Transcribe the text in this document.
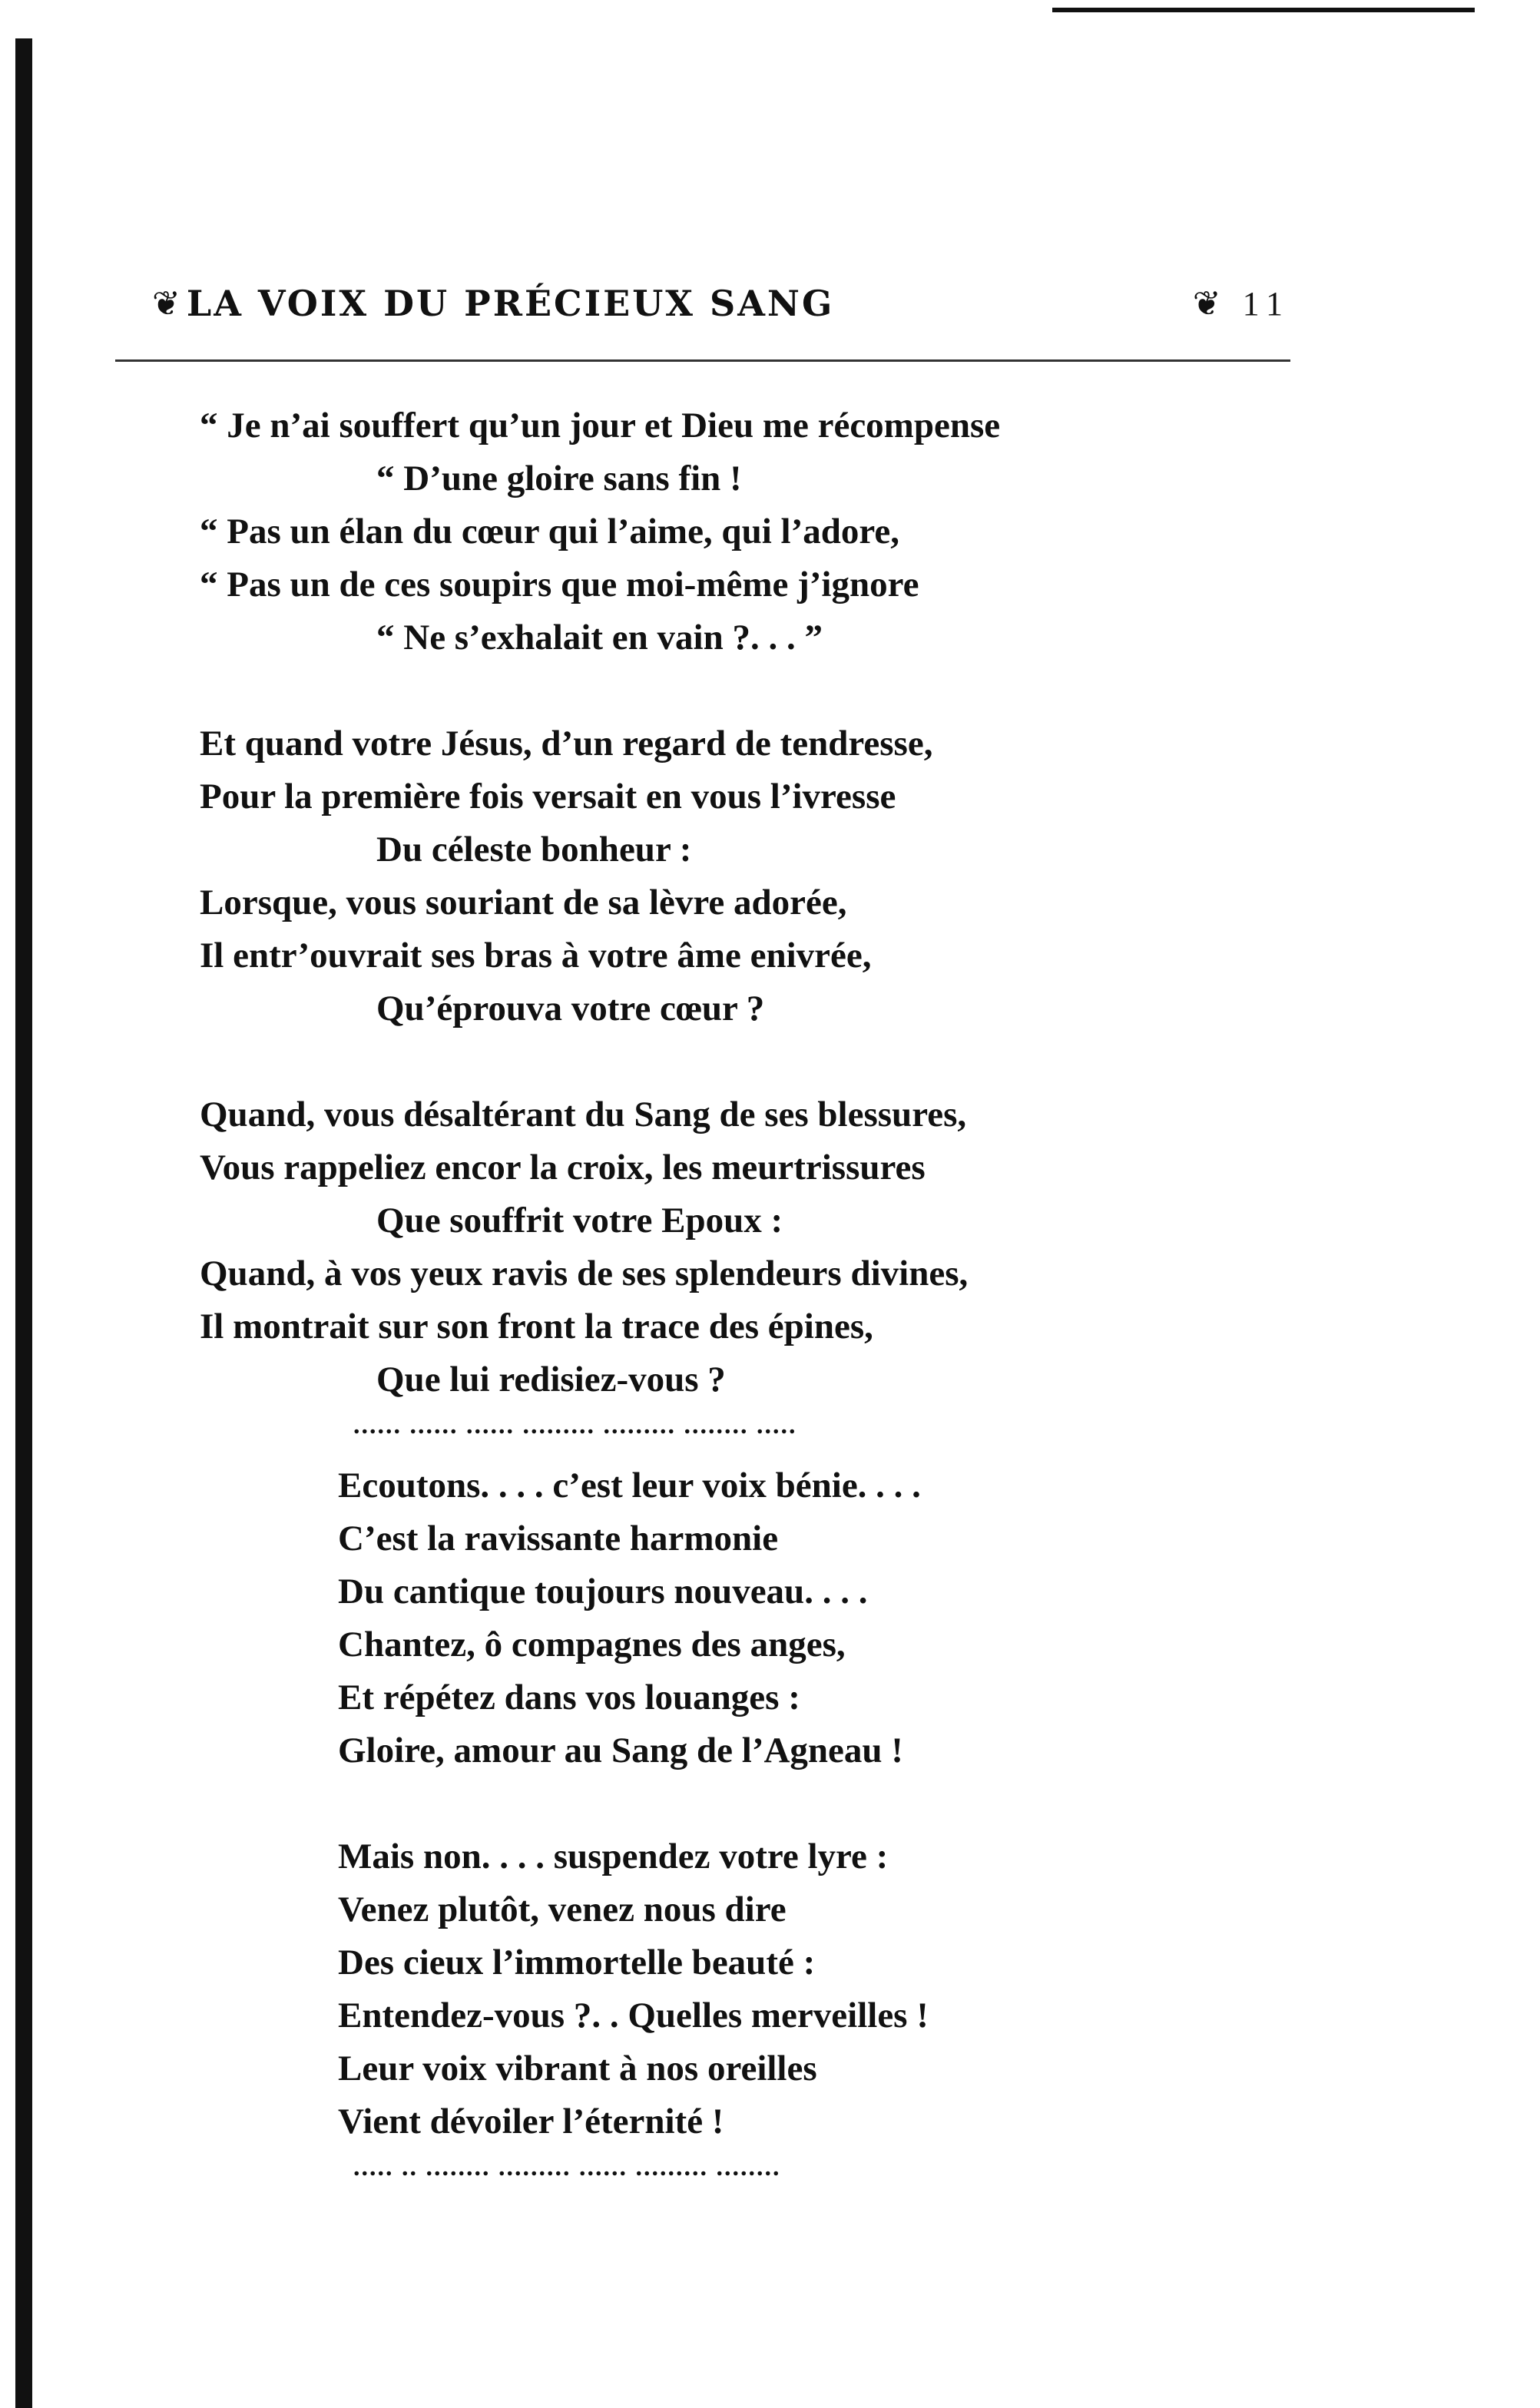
❦ LA VOIX DU PRÉCIEUX SANG	❦ 11
“ Je n’ai souffert qu’un jour et Dieu me récompense
“ D’une gloire sans fin !
“ Pas un élan du cœur qui l’aime, qui l’adore,
“ Pas un de ces soupirs que moi-même j’ignore
“ Ne s’exhalait en vain ?. . . ”
Et quand votre Jésus, d’un regard de tendresse,
Pour la première fois versait en vous l’ivresse
Du céleste bonheur :
Lorsque, vous souriant de sa lèvre adorée,
Il entr’ouvrait ses bras à votre âme enivrée,
Qu’éprouva votre cœur ?
Quand, vous désaltérant du Sang de ses blessures,
Vous rappeliez encor la croix, les meurtrissures
Que souffrit votre Epoux :
Quand, à vos yeux ravis de ses splendeurs divines,
Il montrait sur son front la trace des épines,
Que lui redisiez-vous ?
...... ...... ...... ......... ......... ........ .....
Ecoutons. . . . c’est leur voix bénie. . . .
C’est la ravissante harmonie
Du cantique toujours nouveau. . . .
Chantez, ô compagnes des anges,
Et répétez dans vos louanges :
Gloire, amour au Sang de l’Agneau !
Mais non. . . . suspendez votre lyre :
Venez plutôt, venez nous dire
Des cieux l’immortelle beauté :
Entendez-vous ?. . Quelles merveilles !
Leur voix vibrant à nos oreilles
Vient dévoiler l’éternité !
..... .. ........ ......... ...... ......... ........
